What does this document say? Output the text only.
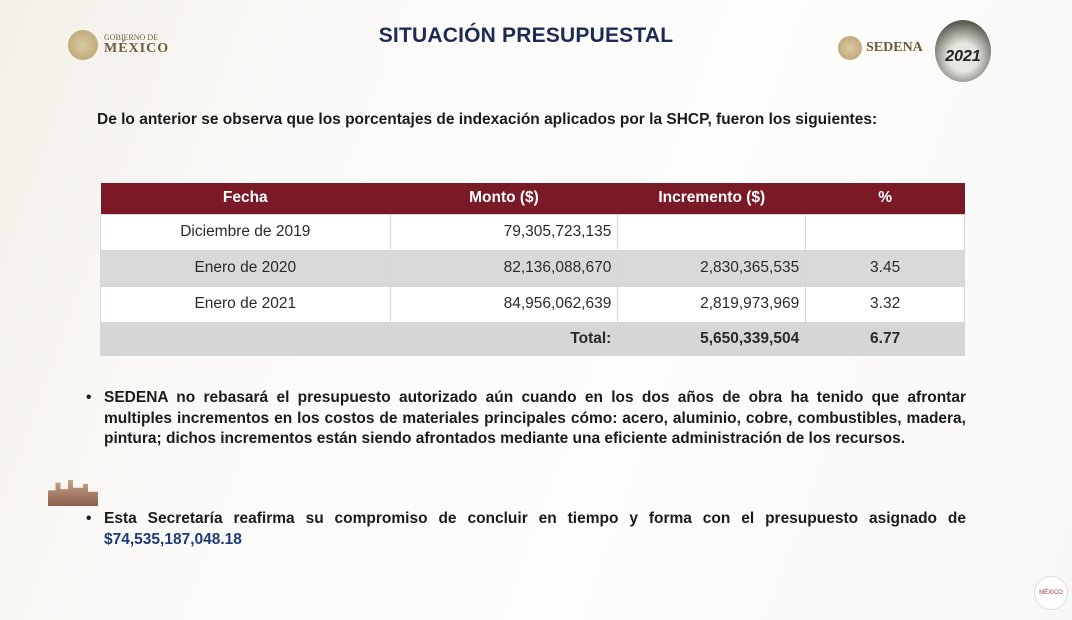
GOBIERNO DE
MÉXICO
SITUACIÓN PRESUPUESTAL
SEDENA
2021
De lo anterior se observa que los porcentajes de indexación aplicados por la SHCP, fueron los siguientes:
Fecha	Monto ($)	Incremento ($)	%
Diciembre de 2019	79,305,723,135		
Enero de 2020	82,136,088,670	2,830,365,535	3.45
Enero de 2021	84,956,062,639	2,819,973,969	3.32
	Total:	5,650,339,504	6.77
• SEDENA no rebasará el presupuesto autorizado aún cuando en los dos años de obra ha tenido que afrontar multiples incrementos en los costos de materiales principales cómo: acero, aluminio, cobre, combustibles, madera, pintura; dichos incrementos están siendo afrontados mediante una eficiente administración de los recursos.
• Esta Secretaría reafirma su compromiso de concluir en tiempo y forma con el presupuesto asignado de $74,535,187,048.18
MÉXICO
